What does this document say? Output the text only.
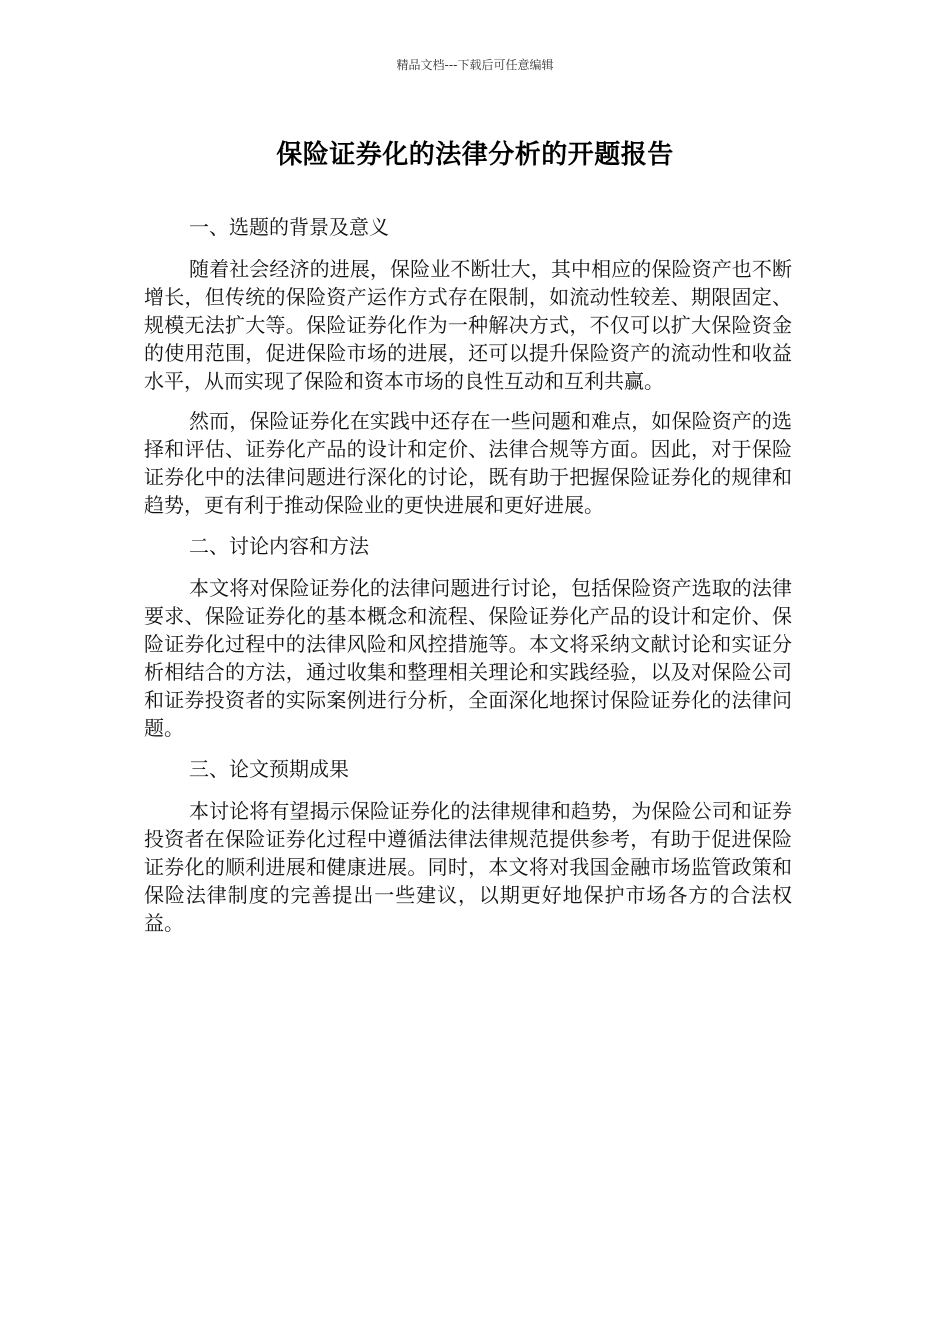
精品文档---下载后可任意编辑
保险证券化的法律分析的开题报告
一、选题的背景及意义

随着社会经济的进展，保险业不断壮大，其中相应的保险资产也不断增长，但传统的保险资产运作方式存在限制，如流动性较差、期限固定、规模无法扩大等。保险证券化作为一种解决方式，不仅可以扩大保险资金的使用范围，促进保险市场的进展，还可以提升保险资产的流动性和收益水平，从而实现了保险和资本市场的良性互动和互利共赢。

然而，保险证券化在实践中还存在一些问题和难点，如保险资产的选择和评估、证券化产品的设计和定价、法律合规等方面。因此，对于保险证券化中的法律问题进行深化的讨论，既有助于把握保险证券化的规律和趋势，更有利于推动保险业的更快进展和更好进展。

二、讨论内容和方法

本文将对保险证券化的法律问题进行讨论，包括保险资产选取的法律要求、保险证券化的基本概念和流程、保险证券化产品的设计和定价、保险证券化过程中的法律风险和风控措施等。本文将采纳文献讨论和实证分析相结合的方法，通过收集和整理相关理论和实践经验，以及对保险公司和证券投资者的实际案例进行分析，全面深化地探讨保险证券化的法律问题。

三、论文预期成果

本讨论将有望揭示保险证券化的法律规律和趋势，为保险公司和证券投资者在保险证券化过程中遵循法律法律规范提供参考，有助于促进保险证券化的顺利进展和健康进展。同时，本文将对我国金融市场监管政策和保险法律制度的完善提出一些建议，以期更好地保护市场各方的合法权益。
